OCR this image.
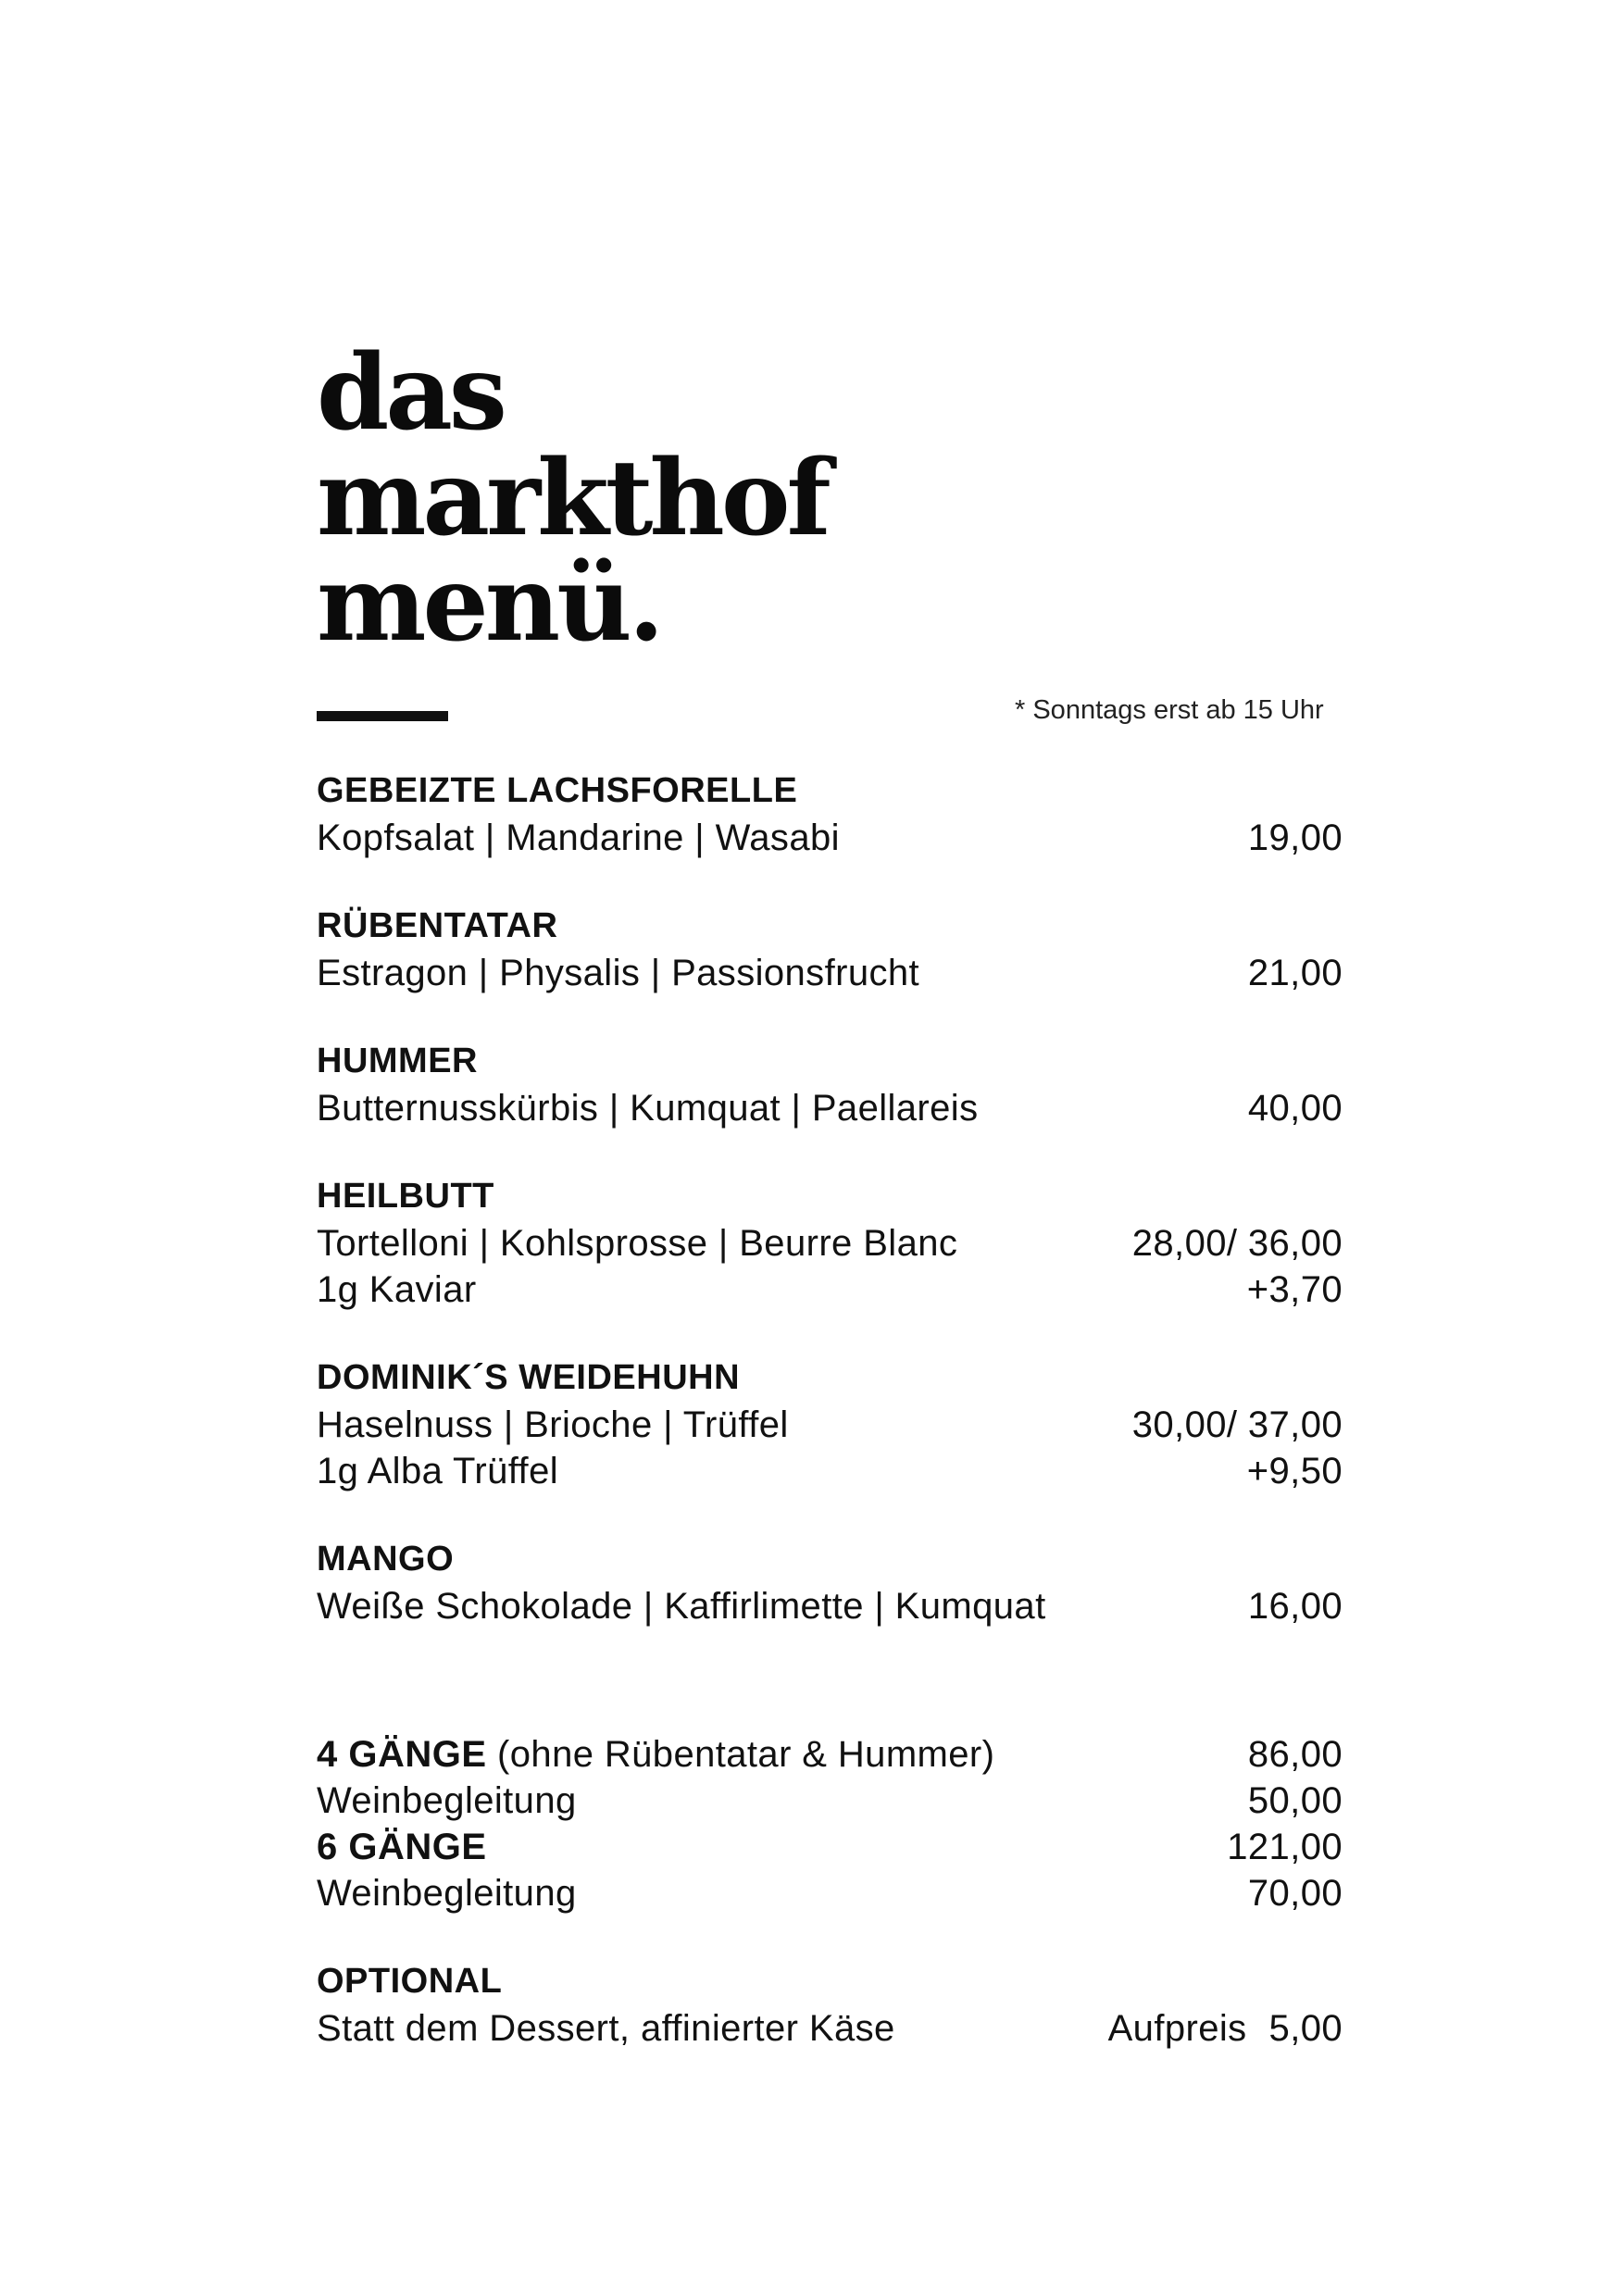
das
markthof
menü.
* Sonntags erst ab 15 Uhr
GEBEIZTE LACHSFORELLE
Kopfsalat | Mandarine | Wasabi	19,00
RÜBENTATAR
Estragon | Physalis | Passionsfrucht	21,00
HUMMER
Butternusskürbis | Kumquat | Paellareis	40,00
HEILBUTT
Tortelloni | Kohlsprosse | Beurre Blanc	28,00/ 36,00
1g Kaviar	+3,70
DOMINIK´S WEIDEHUHN
Haselnuss | Brioche | Trüffel	30,00/ 37,00
1g Alba Trüffel	+9,50
MANGO
Weiße Schokolade | Kaffirlimette | Kumquat	16,00
4 GÄNGE (ohne Rübentatar & Hummer)	86,00
Weinbegleitung	50,00
6 GÄNGE	121,00
Weinbegleitung	70,00
OPTIONAL
Statt dem Dessert, affinierter Käse	Aufpreis 5,00
